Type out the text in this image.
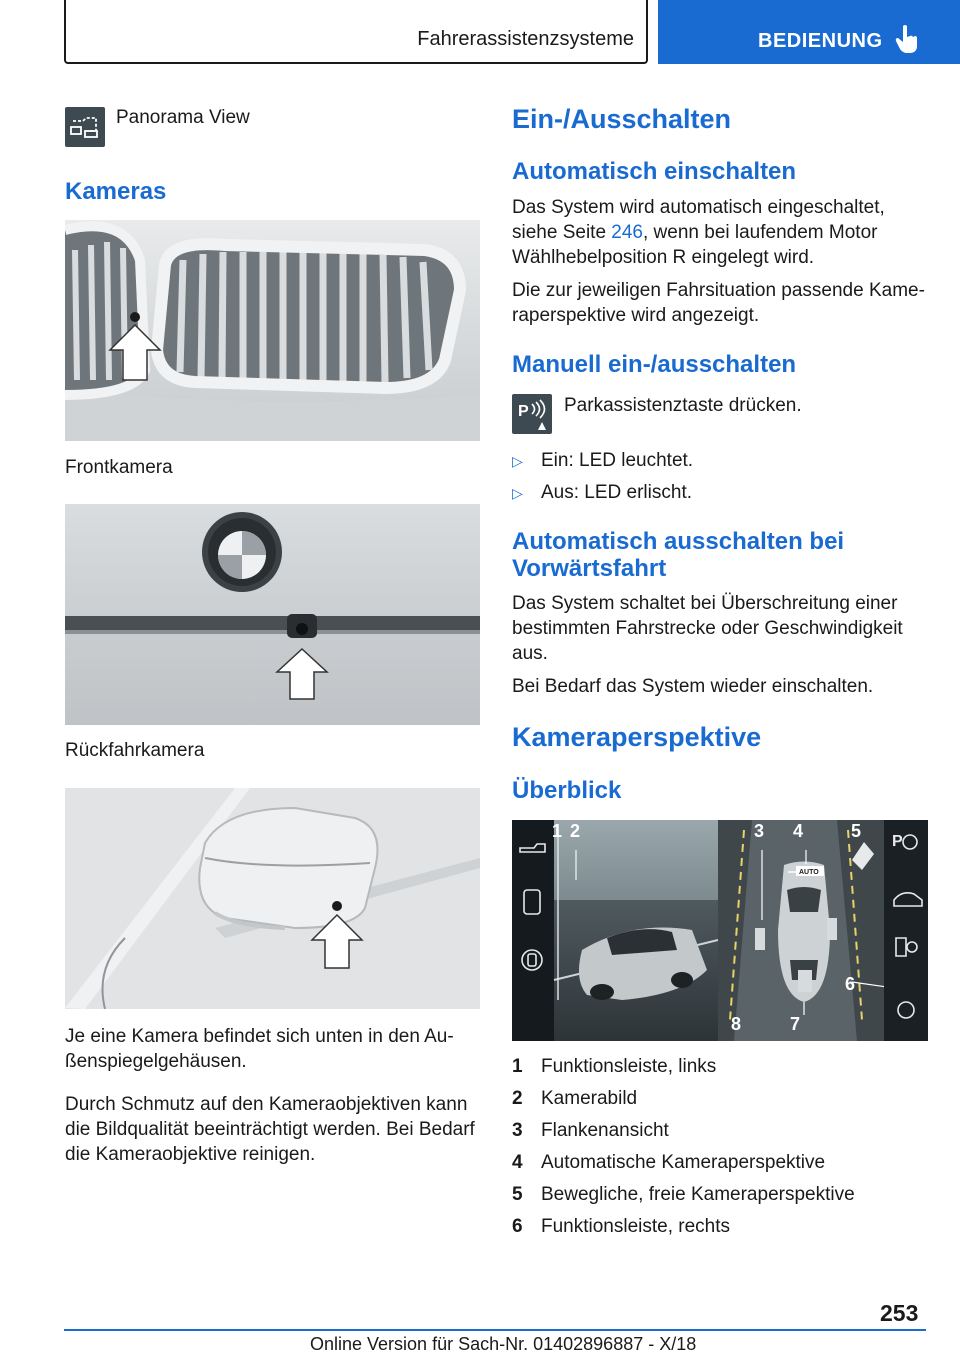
Fahrerassistenzsysteme	BEDIENUNG
Panorama View
Kameras
Frontkamera
Rückfahrkamera
Je eine Kamera befindet sich unten in den Au‐
ßenspiegelgehäusen.
Durch Schmutz auf den Kameraobjektiven kann
die Bildqualität beeinträchtigt werden. Bei Bedarf
die Kameraobjektive reinigen.
Ein-/Ausschalten
Automatisch einschalten
Das System wird automatisch eingeschaltet,
siehe Seite 246, wenn bei laufendem Motor
Wählhebelposition R eingelegt wird.
Die zur jeweiligen Fahrsituation passende Kame‐
raperspektive wird angezeigt.
Manuell ein-/ausschalten
P Parkassistenztaste drücken.
▷ Ein: LED leuchtet.
▷ Aus: LED erlischt.
Automatisch ausschalten bei
Vorwärtsfahrt
Das System schaltet bei Überschreitung einer
bestimmten Fahrstrecke oder Geschwindigkeit
aus.
Bei Bedarf das System wieder einschalten.
Kameraperspektive
Überblick
AUTO
P
1 2	3 4	5
6
7
8
1 Funktionsleiste, links
2 Kamerabild
3 Flankenansicht
4 Automatische Kameraperspektive
5 Bewegliche, freie Kameraperspektive
6 Funktionsleiste, rechts
253
Online Version für Sach-Nr. 01402896887 - X/18
